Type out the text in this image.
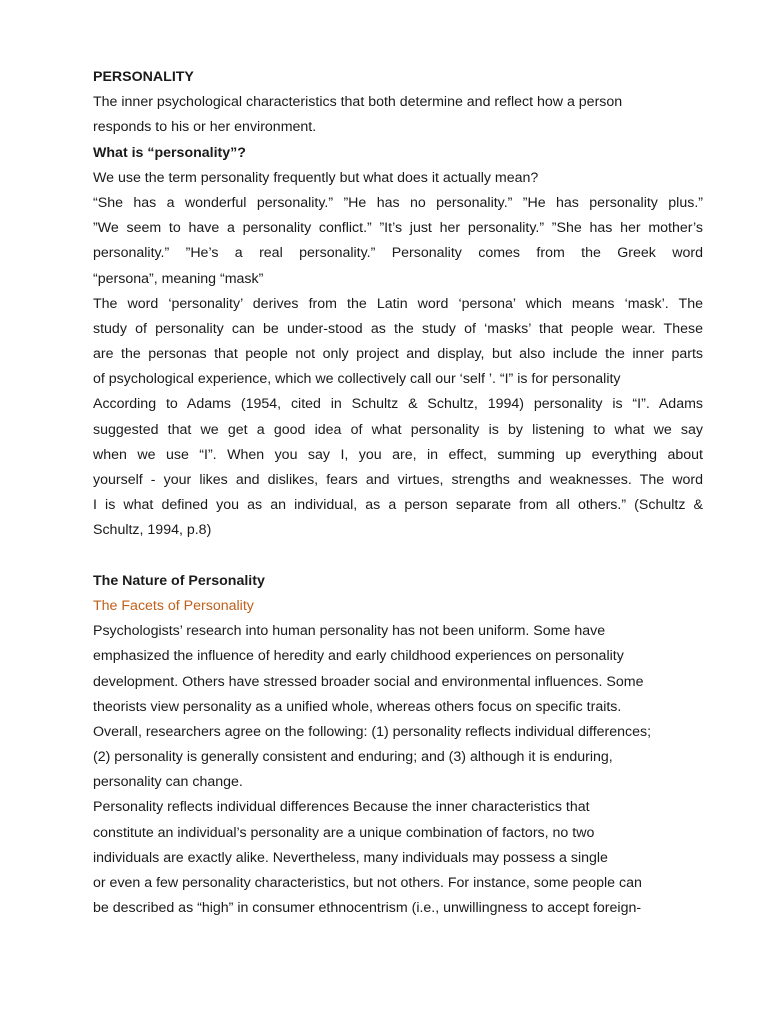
PERSONALITY
The inner psychological characteristics that both determine and reflect how a person
responds to his or her environment.
What is “personality”?
We use the term personality frequently but what does it actually mean?
“She has a wonderful personality.” ”He has no personality.” ”He has personality plus.”
”We seem to have a personality conflict.” ”It’s just her personality.” ”She has her mother’s
personality.” ”He’s a real personality.” Personality comes from the Greek word
“persona”, meaning “mask”
The word ‘personality’ derives from the Latin word ‘persona’ which means ‘mask’. The
study of personality can be under-stood as the study of ‘masks’ that people wear. These
are the personas that people not only project and display, but also include the inner parts
of psychological experience, which we collectively call our ‘self ’. “I” is for personality
According to Adams (1954, cited in Schultz & Schultz, 1994) personality is “I”. Adams
suggested that we get a good idea of what personality is by listening to what we say
when we use “I”. When you say I, you are, in effect, summing up everything about
yourself - your likes and dislikes, fears and virtues, strengths and weaknesses. The word
I is what defined you as an individual, as a person separate from all others.” (Schultz &
Schultz, 1994, p.8)
The Nature of Personality
The Facets of Personality
Psychologists’ research into human personality has not been uniform. Some have
emphasized the influence of heredity and early childhood experiences on personality
development. Others have stressed broader social and environmental influences. Some
theorists view personality as a unified whole, whereas others focus on specific traits.
Overall, researchers agree on the following: (1) personality reflects individual differences;
(2) personality is generally consistent and enduring; and (3) although it is enduring,
personality can change.
Personality reflects individual differences Because the inner characteristics that
constitute an individual’s personality are a unique combination of factors, no two
individuals are exactly alike. Nevertheless, many individuals may possess a single
or even a few personality characteristics, but not others. For instance, some people can
be described as “high” in consumer ethnocentrism (i.e., unwillingness to accept foreign-
